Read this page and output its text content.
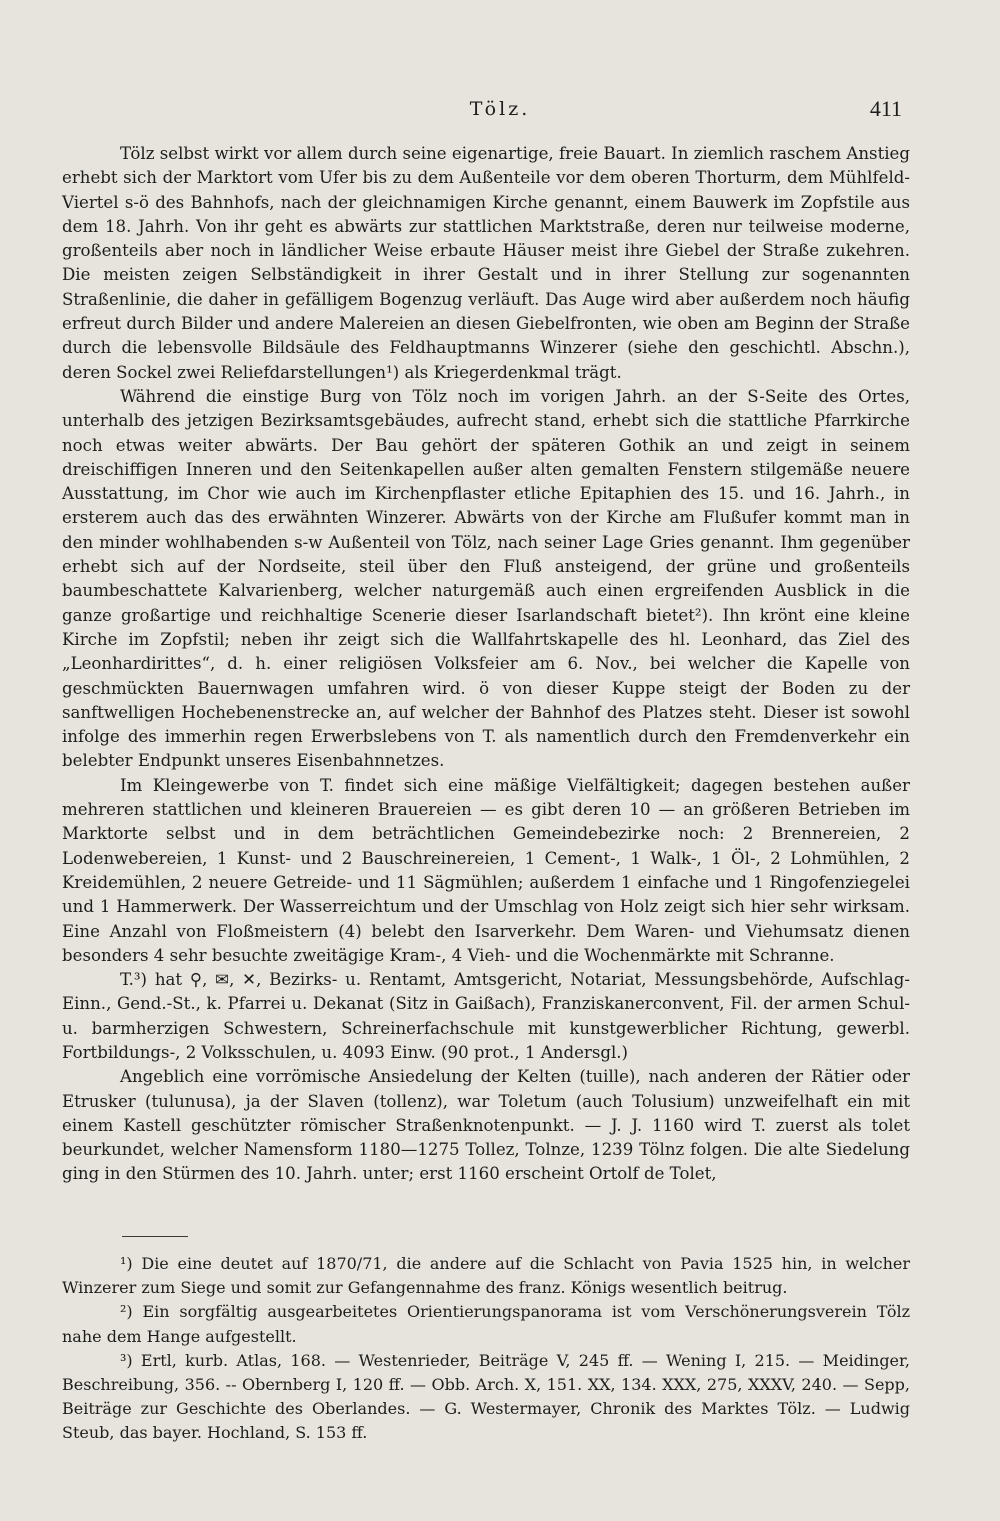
Tölz.	411

Tölz selbst wirkt vor allem durch seine eigenartige, freie Bauart. In ziemlich raschem Anstieg erhebt sich der Marktort vom Ufer bis zu dem Außenteile vor dem oberen Thorturm, dem Mühlfeld-Viertel s-ö des Bahnhofs, nach der gleichnamigen Kirche genannt, einem Bauwerk im Zopfstile aus dem 18. Jahrh. Von ihr geht es abwärts zur stattlichen Marktstraße, deren nur teilweise moderne, großenteils aber noch in ländlicher Weise erbaute Häuser meist ihre Giebel der Straße zukehren. Die meisten zeigen Selbständigkeit in ihrer Gestalt und in ihrer Stellung zur sogenannten Straßenlinie, die daher in gefälligem Bogenzug verläuft. Das Auge wird aber außerdem noch häufig erfreut durch Bilder und andere Malereien an diesen Giebelfronten, wie oben am Beginn der Straße durch die lebensvolle Bildsäule des Feldhauptmanns Winzerer (siehe den geschichtl. Abschn.), deren Sockel zwei Reliefdarstellungen¹) als Kriegerdenkmal trägt.

Während die einstige Burg von Tölz noch im vorigen Jahrh. an der S-Seite des Ortes, unterhalb des jetzigen Bezirksamtsgebäudes, aufrecht stand, erhebt sich die stattliche Pfarrkirche noch etwas weiter abwärts. Der Bau gehört der späteren Gothik an und zeigt in seinem dreischiffigen Inneren und den Seitenkapellen außer alten gemalten Fenstern stilgemäße neuere Ausstattung, im Chor wie auch im Kirchenpflaster etliche Epitaphien des 15. und 16. Jahrh., in ersterem auch das des erwähnten Winzerer. Abwärts von der Kirche am Flußufer kommt man in den minder wohlhabenden s-w Außenteil von Tölz, nach seiner Lage Gries genannt. Ihm gegenüber erhebt sich auf der Nordseite, steil über den Fluß ansteigend, der grüne und großenteils baumbeschattete Kalvarienberg, welcher naturgemäß auch einen ergreifenden Ausblick in die ganze großartige und reichhaltige Scenerie dieser Isarlandschaft bietet²). Ihn krönt eine kleine Kirche im Zopfstil; neben ihr zeigt sich die Wallfahrtskapelle des hl. Leonhard, das Ziel des „Leonhardirittes“, d. h. einer religiösen Volksfeier am 6. Nov., bei welcher die Kapelle von geschmückten Bauernwagen umfahren wird. ö von dieser Kuppe steigt der Boden zu der sanftwelligen Hochebenenstrecke an, auf welcher der Bahnhof des Platzes steht. Dieser ist sowohl infolge des immerhin regen Erwerbslebens von T. als namentlich durch den Fremdenverkehr ein belebter Endpunkt unseres Eisenbahnnetzes.

Im Kleingewerbe von T. findet sich eine mäßige Vielfältigkeit; dagegen bestehen außer mehreren stattlichen und kleineren Brauereien — es gibt deren 10 — an größeren Betrieben im Marktorte selbst und in dem beträchtlichen Gemeindebezirke noch: 2 Brennereien, 2 Lodenwebereien, 1 Kunst- und 2 Bauschreinereien, 1 Cement-, 1 Walk-, 1 Öl-, 2 Lohmühlen, 2 Kreidemühlen, 2 neuere Getreide- und 11 Sägmühlen; außerdem 1 einfache und 1 Ringofenziegelei und 1 Hammerwerk. Der Wasserreichtum und der Umschlag von Holz zeigt sich hier sehr wirksam. Eine Anzahl von Floßmeistern (4) belebt den Isarverkehr. Dem Waren- und Viehumsatz dienen besonders 4 sehr besuchte zweitägige Kram-, 4 Vieh- und die Wochenmärkte mit Schranne.

T.³) hat ⚲, ✉, ✕, Bezirks- u. Rentamt, Amtsgericht, Notariat, Messungsbehörde, Aufschlag-Einn., Gend.-St., k. Pfarrei u. Dekanat (Sitz in Gaißach), Franziskanerconvent, Fil. der armen Schul- u. barmherzigen Schwestern, Schreinerfachschule mit kunstgewerblicher Richtung, gewerbl. Fortbildungs-, 2 Volksschulen, u. 4093 Einw. (90 prot., 1 Andersgl.)

Angeblich eine vorrömische Ansiedelung der Kelten (tuille), nach anderen der Rätier oder Etrusker (tulunusa), ja der Slaven (tollenz), war Toletum (auch Tolusium) unzweifelhaft ein mit einem Kastell geschützter römischer Straßenknotenpunkt. — J. J. 1160 wird T. zuerst als tolet beurkundet, welcher Namensform 1180—1275 Tollez, Tolnze, 1239 Tölnz folgen. Die alte Siedelung ging in den Stürmen des 10. Jahrh. unter; erst 1160 erscheint Ortolf de Tolet,

¹) Die eine deutet auf 1870/71, die andere auf die Schlacht von Pavia 1525 hin, in welcher Winzerer zum Siege und somit zur Gefangennahme des franz. Königs wesentlich beitrug.

²) Ein sorgfältig ausgearbeitetes Orientierungspanorama ist vom Verschönerungsverein Tölz nahe dem Hange aufgestellt.

³) Ertl, kurb. Atlas, 168. — Westenrieder, Beiträge V, 245 ff. — Wening I, 215. — Meidinger, Beschreibung, 356. -- Obernberg I, 120 ff. — Obb. Arch. X, 151. XX, 134. XXX, 275, XXXV, 240. — Sepp, Beiträge zur Geschichte des Oberlandes. — G. Westermayer, Chronik des Marktes Tölz. — Ludwig Steub, das bayer. Hochland, S. 153 ff.
